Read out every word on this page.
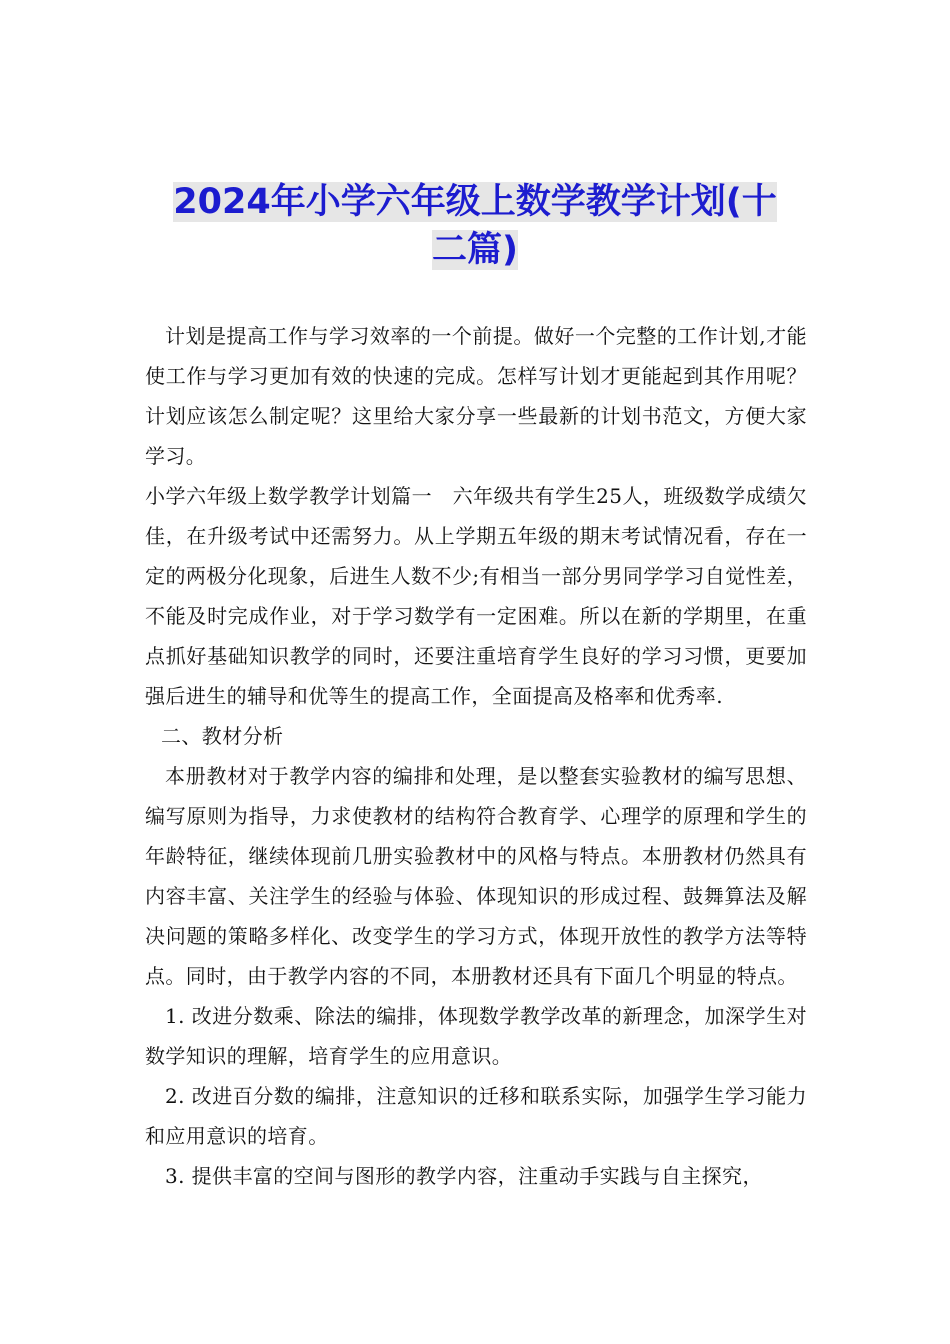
2024年小学六年级上数学教学计划(十
二篇)

计划是提高工作与学习效率的一个前提。做好一个完整的工作计划,才能使工作与学习更加有效的快速的完成。怎样写计划才更能起到其作用呢？计划应该怎么制定呢？这里给大家分享一些最新的计划书范文，方便大家学习。

小学六年级上数学教学计划篇一　六年级共有学生25人，班级数学成绩欠佳，在升级考试中还需努力。从上学期五年级的期末考试情况看，存在一定的两极分化现象，后进生人数不少;有相当一部分男同学学习自觉性差，不能及时完成作业，对于学习数学有一定困难。所以在新的学期里，在重点抓好基础知识教学的同时，还要注重培育学生良好的学习习惯，更要加强后进生的辅导和优等生的提高工作，全面提高及格率和优秀率.

二、教材分析

本册教材对于教学内容的编排和处理，是以整套实验教材的编写思想、编写原则为指导，力求使教材的结构符合教育学、心理学的原理和学生的年龄特征，继续体现前几册实验教材中的风格与特点。本册教材仍然具有内容丰富、关注学生的经验与体验、体现知识的形成过程、鼓舞算法及解决问题的策略多样化、改变学生的学习方式，体现开放性的教学方法等特点。同时，由于教学内容的不同，本册教材还具有下面几个明显的特点。

1. 改进分数乘、除法的编排，体现数学教学改革的新理念，加深学生对数学知识的理解，培育学生的应用意识。

2. 改进百分数的编排，注意知识的迁移和联系实际，加强学生学习能力和应用意识的培育。

3. 提供丰富的空间与图形的教学内容，注重动手实践与自主探究，
